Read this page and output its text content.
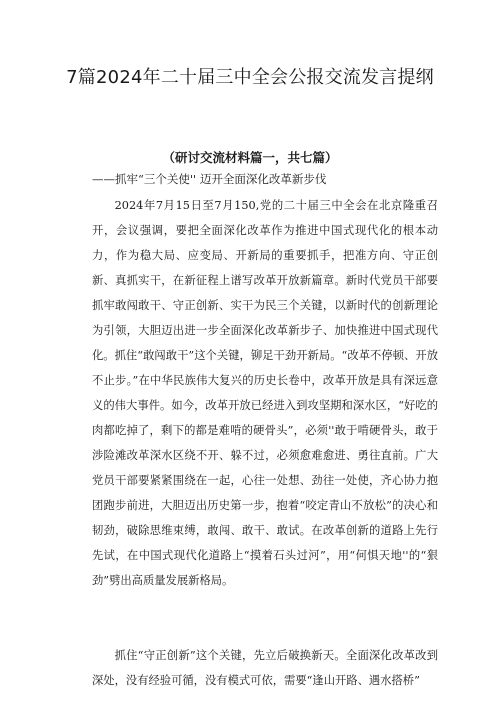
7篇2024年二十届三中全会公报交流发言提纲
（研讨交流材料篇一，共七篇）
——抓牢“三个关使'' 迈开全面深化改革新步伐

2024年7月15日至7月150,党的二十届三中全会在北京隆重召开，会议强调，要把全面深化改革作为推进中国式现代化的根本动力，作为稳大局、应变局、开新局的重要抓手，把准方向、守正创新、真抓实干，在新征程上谱写改革开放新篇章。新时代党员干部要抓牢敢闯敢干、守正创新、实干为民三个关键，以新时代的创新理论为引领，大胆迈出进一步全面深化改革新步子、加快推进中国式现代化。 抓住“敢闯敢干”这个关键，铆足干劲开新局。“改革不停顿、开放不止步。”在中华民族伟大复兴的历史长卷中，改革开放是具有深远意义的伟大事件。如今，改革开放已经进入到攻坚期和深水区，“好吃的肉都吃掉了，剩下的都是难啃的硬骨头”，必须''敢于啃硬骨头，敢于涉险滩改革深水区绕不开、躲不过，必须愈难愈进、勇往直前。广大党员干部要紧紧围绕在一起，心往一处想、劲往一处使，齐心协力抱团跑步前进，大胆迈出历史第一步，抱着“咬定青山不放松”的决心和韧劲，破除思维束缚，敢闯、敢干、敢试。在改革创新的道路上先行先试，在中国式现代化道路上“摸着石头过河”，用“何惧天地''的“狠劲”劈出高质量发展新格局。

抓住“守正创新”这个关键，先立后破换新天。全面深化改革改到深处，没有经验可循，没有模式可依，需要“逢山开路、遇水搭桥”
